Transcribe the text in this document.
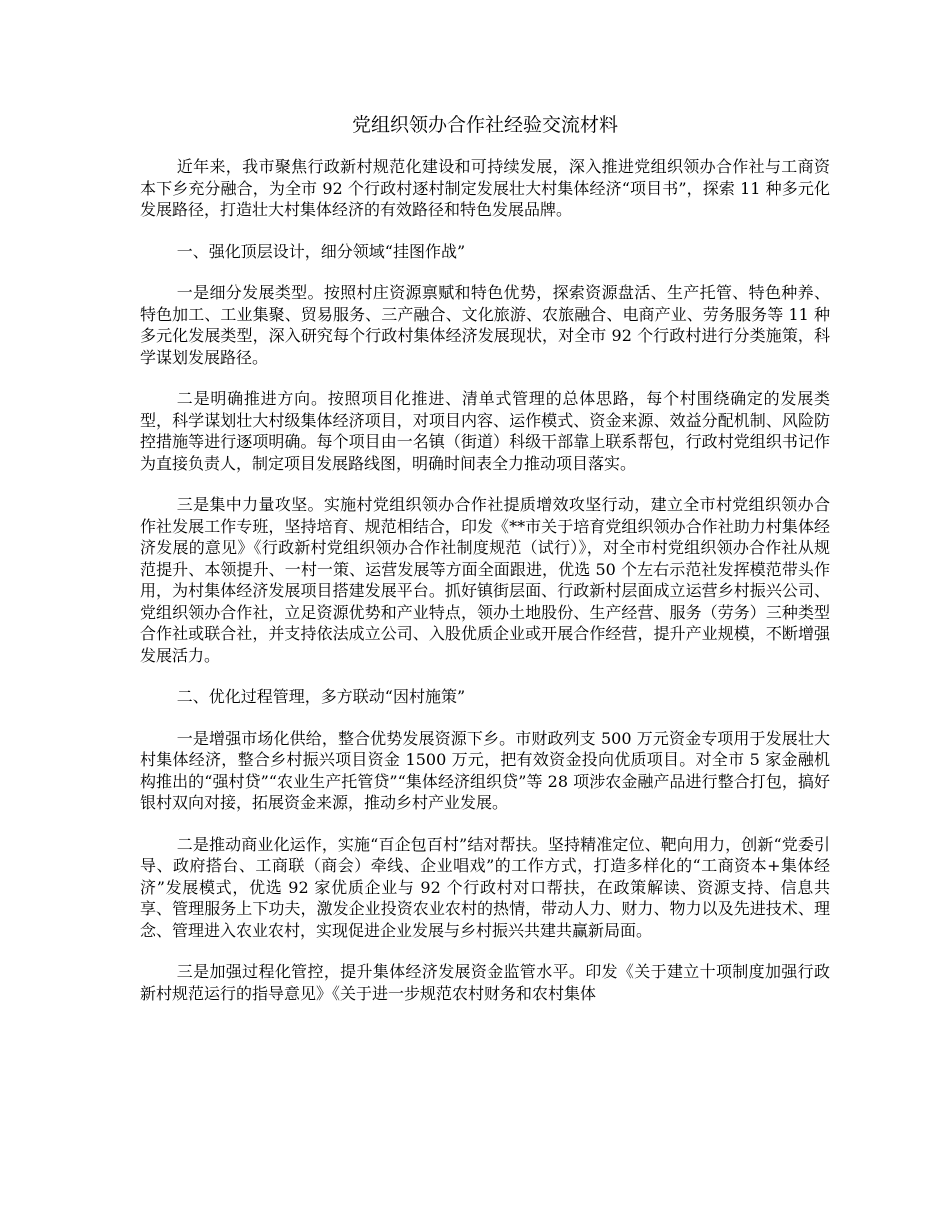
党组织领办合作社经验交流材料

近年来，我市聚焦行政新村规范化建设和可持续发展，深入推进党组织领办合作社与工商资本下乡充分融合，为全市 92 个行政村逐村制定发展壮大村集体经济“项目书”，探索 11 种多元化发展路径，打造壮大村集体经济的有效路径和特色发展品牌。

一、强化顶层设计，细分领域“挂图作战”

一是细分发展类型。按照村庄资源禀赋和特色优势，探索资源盘活、生产托管、特色种养、特色加工、工业集聚、贸易服务、三产融合、文化旅游、农旅融合、电商产业、劳务服务等 11 种多元化发展类型，深入研究每个行政村集体经济发展现状，对全市 92 个行政村进行分类施策，科学谋划发展路径。

二是明确推进方向。按照项目化推进、清单式管理的总体思路，每个村围绕确定的发展类型，科学谋划壮大村级集体经济项目，对项目内容、运作模式、资金来源、效益分配机制、风险防控措施等进行逐项明确。每个项目由一名镇（街道）科级干部靠上联系帮包，行政村党组织书记作为直接负责人，制定项目发展路线图，明确时间表全力推动项目落实。

三是集中力量攻坚。实施村党组织领办合作社提质增效攻坚行动，建立全市村党组织领办合作社发展工作专班，坚持培育、规范相结合，印发《**市关于培育党组织领办合作社助力村集体经济发展的意见》《行政新村党组织领办合作社制度规范（试行）》，对全市村党组织领办合作社从规范提升、本领提升、一村一策、运营发展等方面全面跟进，优选 50 个左右示范社发挥模范带头作用，为村集体经济发展项目搭建发展平台。抓好镇街层面、行政新村层面成立运营乡村振兴公司、党组织领办合作社，立足资源优势和产业特点，领办土地股份、生产经营、服务（劳务）三种类型合作社或联合社，并支持依法成立公司、入股优质企业或开展合作经营，提升产业规模，不断增强发展活力。

二、优化过程管理，多方联动“因村施策”

一是增强市场化供给，整合优势发展资源下乡。市财政列支 500 万元资金专项用于发展壮大村集体经济，整合乡村振兴项目资金 1500 万元，把有效资金投向优质项目。对全市 5 家金融机构推出的“强村贷”“农业生产托管贷”“集体经济组织贷”等 28 项涉农金融产品进行整合打包，搞好银村双向对接，拓展资金来源，推动乡村产业发展。

二是推动商业化运作，实施“百企包百村”结对帮扶。坚持精准定位、靶向用力，创新“党委引导、政府搭台、工商联（商会）牵线、企业唱戏”的工作方式，打造多样化的“工商资本+集体经济”发展模式，优选 92 家优质企业与 92 个行政村对口帮扶，在政策解读、资源支持、信息共享、管理服务上下功夫，激发企业投资农业农村的热情，带动人力、财力、物力以及先进技术、理念、管理进入农业农村，实现促进企业发展与乡村振兴共建共赢新局面。

三是加强过程化管控，提升集体经济发展资金监管水平。印发《关于建立十项制度加强行政新村规范运行的指导意见》《关于进一步规范农村财务和农村集体
